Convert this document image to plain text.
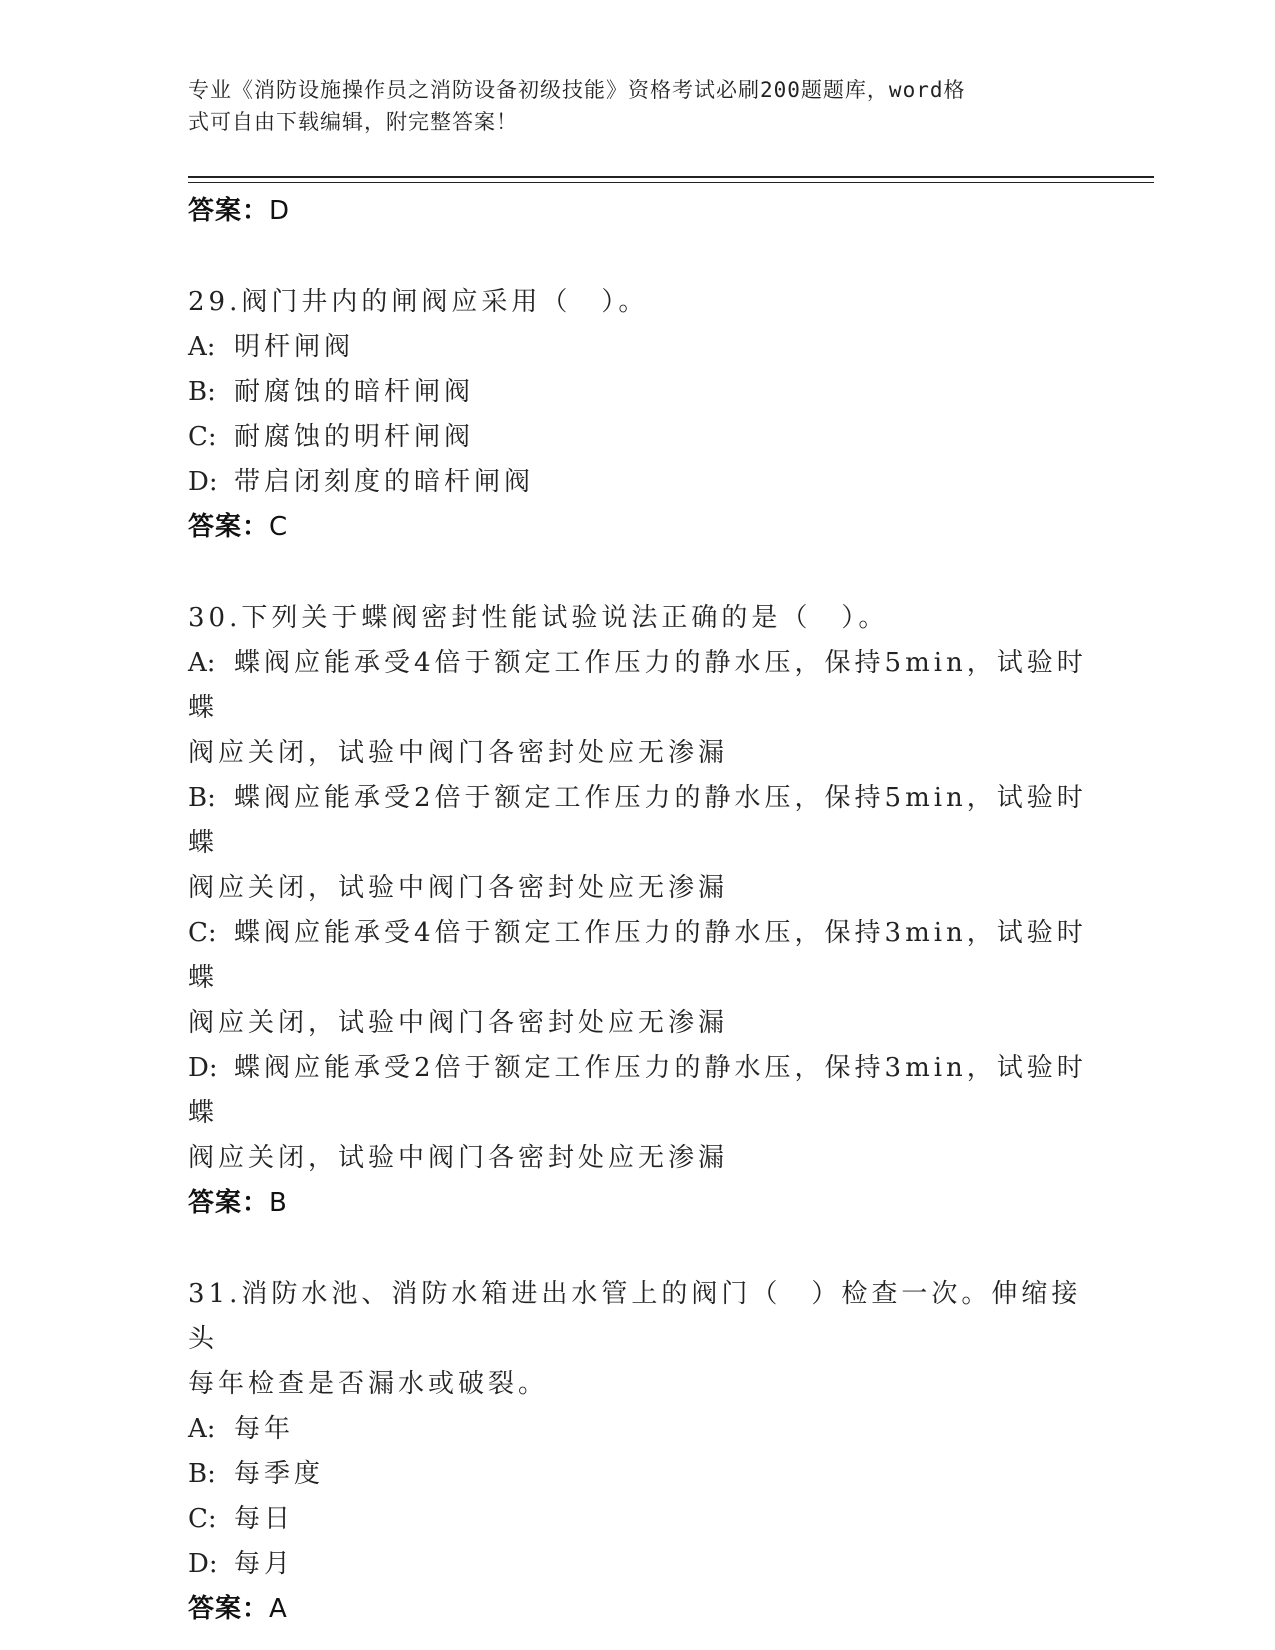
专业《消防设施操作员之消防设备初级技能》资格考试必刷200题题库，word格
式可自由下载编辑，附完整答案！
答案：D
29.阀门井内的闸阀应采用（　）。
A: 明杆闸阀
B: 耐腐蚀的暗杆闸阀
C: 耐腐蚀的明杆闸阀
D: 带启闭刻度的暗杆闸阀
答案：C
30.下列关于蝶阀密封性能试验说法正确的是（　）。
A: 蝶阀应能承受4倍于额定工作压力的静水压，保持5min，试验时蝶
阀应关闭，试验中阀门各密封处应无渗漏
B: 蝶阀应能承受2倍于额定工作压力的静水压，保持5min，试验时蝶
阀应关闭，试验中阀门各密封处应无渗漏
C: 蝶阀应能承受4倍于额定工作压力的静水压，保持3min，试验时蝶
阀应关闭，试验中阀门各密封处应无渗漏
D: 蝶阀应能承受2倍于额定工作压力的静水压，保持3min，试验时蝶
阀应关闭，试验中阀门各密封处应无渗漏
答案：B
31.消防水池、消防水箱进出水管上的阀门（　）检查一次。伸缩接头
每年检查是否漏水或破裂。
A: 每年
B: 每季度
C: 每日
D: 每月
答案：A
